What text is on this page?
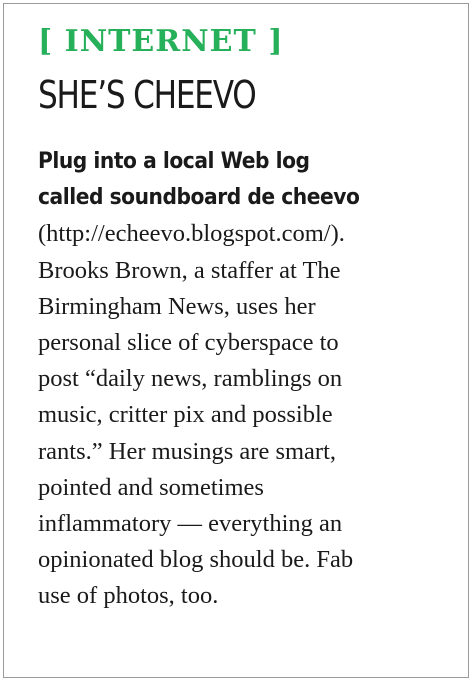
[ INTERNET ]
SHE’S CHEEVO
Plug into a local Web log
called soundboard de cheevo
(http://echeevo.blogspot.com/).
Brooks Brown, a staffer at The
Birmingham News, uses her
personal slice of cyberspace to
post “daily news, ramblings on
music, critter pix and possible
rants.” Her musings are smart,
pointed and sometimes
inflammatory — everything an
opinionated blog should be. Fab
use of photos, too.
